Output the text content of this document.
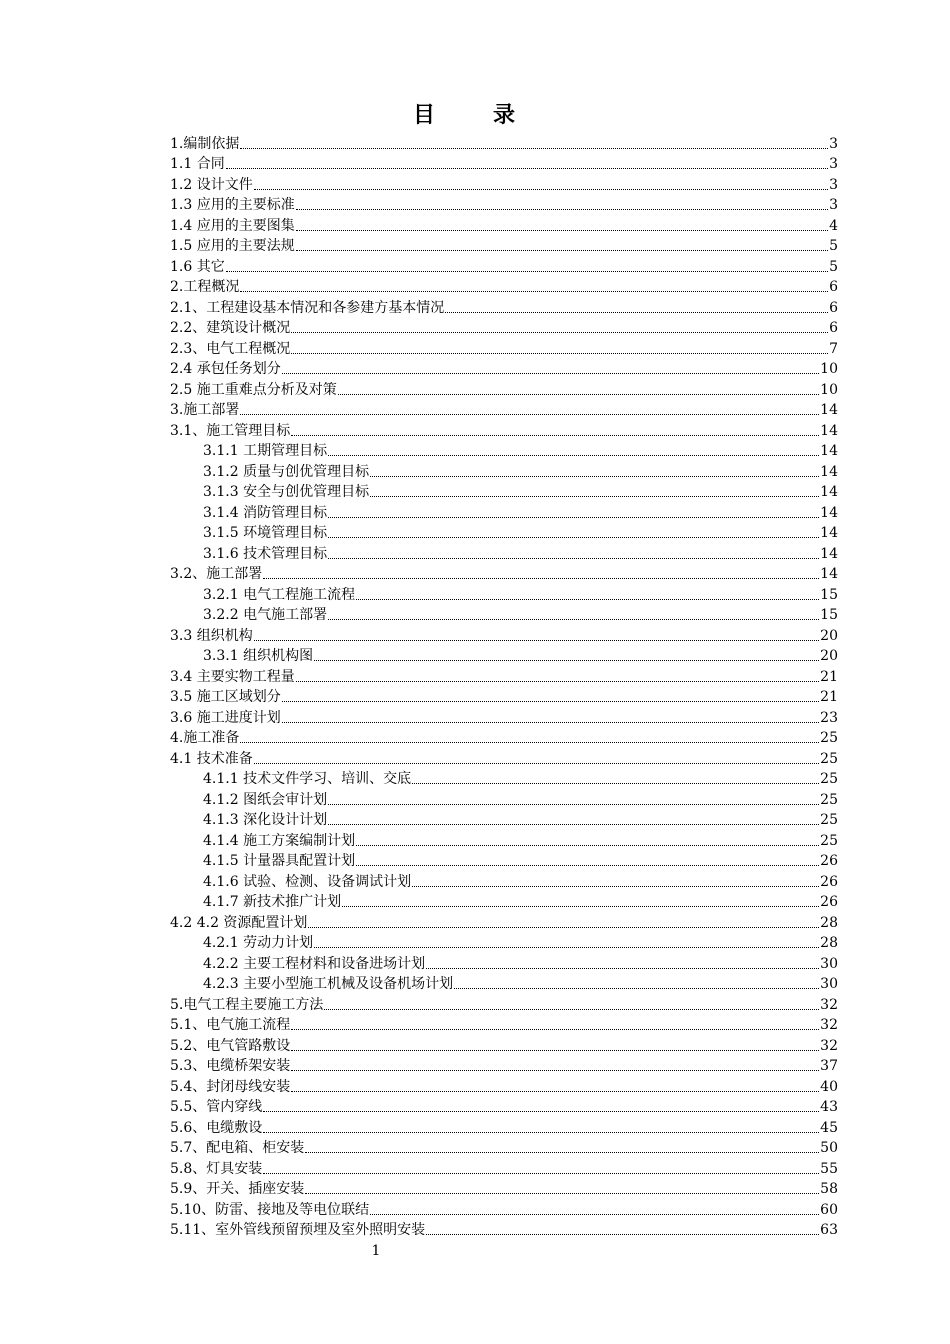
目录
1.编制依据	3
1.1 合同	3
1.2 设计文件	3
1.3 应用的主要标准	3
1.4 应用的主要图集	4
1.5 应用的主要法规	5
1.6 其它	5
2.工程概况	6
2.1、工程建设基本情况和各参建方基本情况	6
2.2、建筑设计概况	6
2.3、电气工程概况	7
2.4 承包任务划分	10
2.5 施工重难点分析及对策	10
3.施工部署	14
3.1、施工管理目标	14
3.1.1 工期管理目标	14
3.1.2 质量与创优管理目标	14
3.1.3 安全与创优管理目标	14
3.1.4 消防管理目标	14
3.1.5 环境管理目标	14
3.1.6 技术管理目标	14
3.2、施工部署	14
3.2.1 电气工程施工流程	15
3.2.2 电气施工部署	15
3.3 组织机构	20
3.3.1 组织机构图	20
3.4 主要实物工程量	21
3.5 施工区域划分	21
3.6 施工进度计划	23
4.施工准备	25
4.1 技术准备	25
4.1.1 技术文件学习、培训、交底	25
4.1.2 图纸会审计划	25
4.1.3 深化设计计划	25
4.1.4 施工方案编制计划	25
4.1.5 计量器具配置计划	26
4.1.6 试验、检测、设备调试计划	26
4.1.7 新技术推广计划	26
4.2 4.2 资源配置计划	28
4.2.1 劳动力计划	28
4.2.2 主要工程材料和设备进场计划	30
4.2.3 主要小型施工机械及设备机场计划	30
5.电气工程主要施工方法	32
5.1、电气施工流程	32
5.2、电气管路敷设	32
5.3、电缆桥架安装	37
5.4、封闭母线安装	40
5.5、管内穿线	43
5.6、电缆敷设	45
5.7、配电箱、柜安装	50
5.8、灯具安装	55
5.9、开关、插座安装	58
5.10、防雷、接地及等电位联结	60
5.11、室外管线预留预埋及室外照明安装	63
1
